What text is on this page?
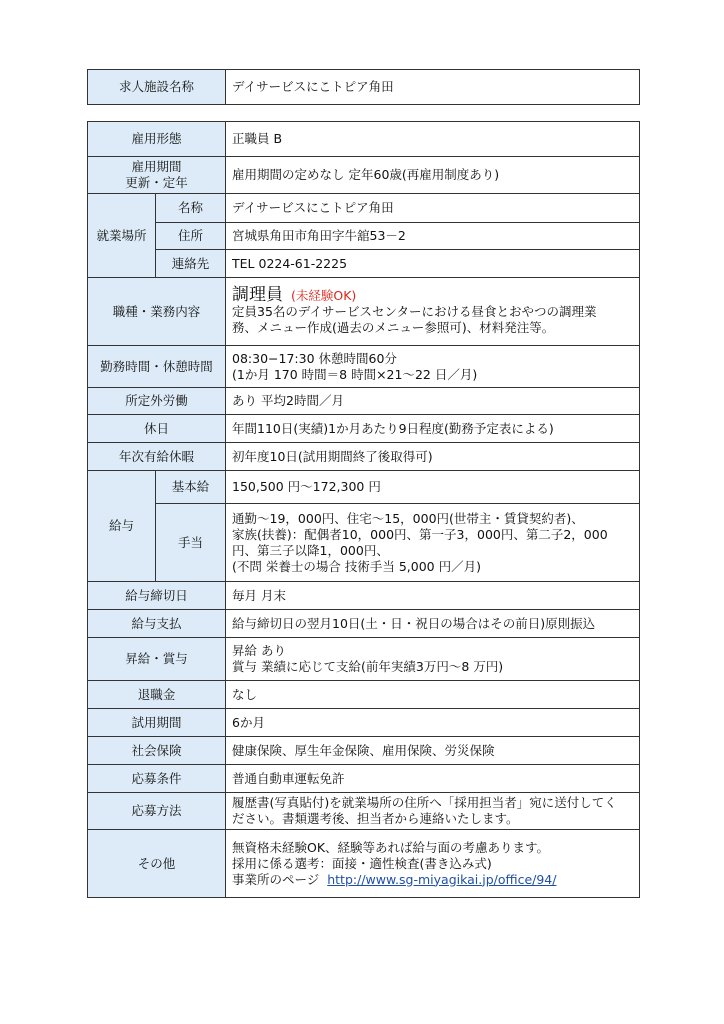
求人施設名称	デイサービスにこトピア角田
雇用形態		正職員 B

雇用期間
更新・定年		雇用期間の定めなし 定年60歳(再雇用制度あり)
就業場所	名称	デイサービスにこトピア角田
	住所	宮城県角田市角田字牛舘53－2
	連絡先	TEL 0224-61-2225
職種・業務内容		調理員 (未経験OK)
定員35名のデイサービスセンターにおける昼食とおやつの調理業
務、メニュー作成(過去のメニュー参照可)、材料発注等。

勤務時間・休憩時間		08:30−17:30 休憩時間60分
(1か月 170 時間＝8 時間×21～22 日／月)

所定外労働		あり 平均2時間／月
休日		年間110日(実績)1か月あたり9日程度(勤務予定表による)
年次有給休暇		初年度10日(試用期間終了後取得可)
給与	基本給	150,500 円～172,300 円
	手当	通勤～19，000円、住宅～15，000円(世帯主・賃貸契約者)、
家族(扶養)：配偶者10，000円、第一子3，000円、第二子2，000
円、第三子以降1，000円、
(不問 栄養士の場合 技術手当 5,000 円／月)

給与締切日		毎月 月末
給与支払		給与締切日の翌月10日(土・日・祝日の場合はその前日)原則振込
昇給・賞与		昇給 あり
賞与 業績に応じて支給(前年実績3万円～8 万円)

退職金		なし
試用期間		6か月
社会保険		健康保険、厚生年金保険、雇用保険、労災保険
応募条件		普通自動車運転免許
応募方法		履歴書(写真貼付)を就業場所の住所へ「採用担当者」宛に送付してく
ださい。書類選考後、担当者から連絡いたします。

その他		無資格未経験OK、経験等あれば給与面の考慮あります。
採用に係る選考：面接・適性検査(書き込み式)
事業所のページ http://www.sg-miyagikai.jp/office/94/
